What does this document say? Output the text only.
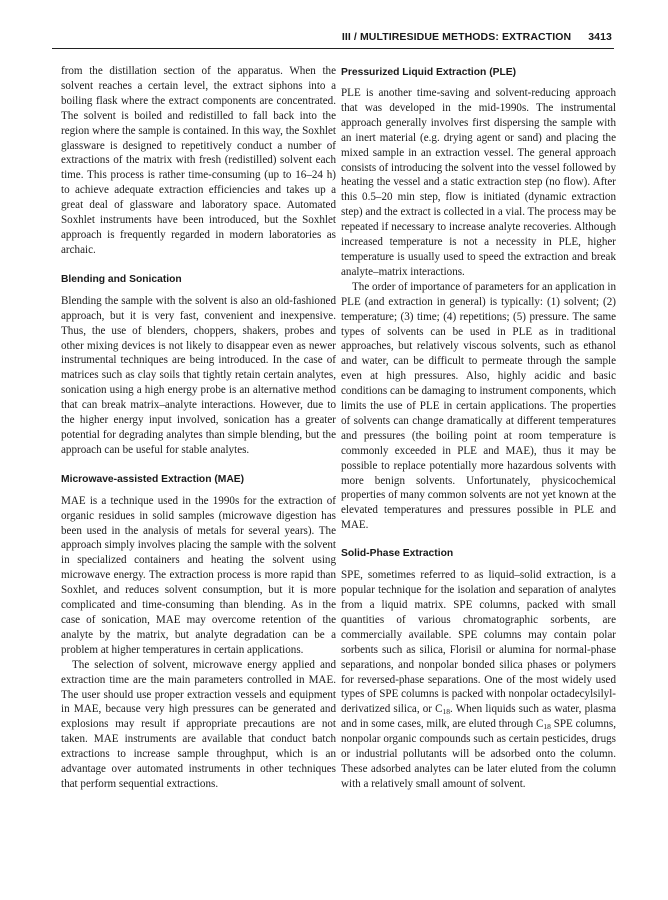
III / MULTIRESIDUE METHODS: EXTRACTION 3413

from the distillation section of the apparatus. When the solvent reaches a certain level, the extract siphons into a boiling flask where the extract components are concentrated. The solvent is boiled and redistilled to fall back into the region where the sample is contained. In this way, the Soxhlet glassware is designed to repetitively conduct a number of extractions of the matrix with fresh (redistilled) solvent each time. This process is rather time-consuming (up to 16–24 h) to achieve adequate extraction efficiencies and takes up a great deal of glassware and laboratory space. Automated Soxhlet instruments have been introduced, but the Soxhlet approach is frequently regarded in modern laboratories as archaic.

Blending and Sonication

Blending the sample with the solvent is also an old-fashioned approach, but it is very fast, convenient and inexpensive. Thus, the use of blenders, choppers, shakers, probes and other mixing devices is not likely to disappear even as newer instrumental techniques are being introduced. In the case of matrices such as clay soils that tightly retain certain analytes, sonication using a high energy probe is an alternative method that can break matrix–analyte interactions. However, due to the higher energy input involved, sonication has a greater potential for degrading analytes than simple blending, but the approach can be useful for stable analytes.

Microwave-assisted Extraction (MAE)

MAE is a technique used in the 1990s for the extraction of organic residues in solid samples (microwave digestion has been used in the analysis of metals for several years). The approach simply involves placing the sample with the solvent in specialized containers and heating the solvent using microwave energy. The extraction process is more rapid than Soxhlet, and reduces solvent consumption, but it is more complicated and time-consuming than blending. As in the case of sonication, MAE may overcome retention of the analyte by the matrix, but analyte degradation can be a problem at higher temperatures in certain applications.

The selection of solvent, microwave energy applied and extraction time are the main parameters controlled in MAE. The user should use proper extraction vessels and equipment in MAE, because very high pressures can be generated and explosions may result if appropriate precautions are not taken. MAE instruments are available that conduct batch extractions to increase sample throughput, which is an advantage over automated instruments in other techniques that perform sequential extractions.

Pressurized Liquid Extraction (PLE)

PLE is another time-saving and solvent-reducing approach that was developed in the mid-1990s. The instrumental approach generally involves first dispersing the sample with an inert material (e.g. drying agent or sand) and placing the mixed sample in an extraction vessel. The general approach consists of introducing the solvent into the vessel followed by heating the vessel and a static extraction step (no flow). After this 0.5–20 min step, flow is initiated (dynamic extraction step) and the extract is collected in a vial. The process may be repeated if necessary to increase analyte recoveries. Although increased temperature is not a necessity in PLE, higher temperature is usually used to speed the extraction and break analyte–matrix interactions.

The order of importance of parameters for an application in PLE (and extraction in general) is typically: (1) solvent; (2) temperature; (3) time; (4) repetitions; (5) pressure. The same types of solvents can be used in PLE as in traditional approaches, but relatively viscous solvents, such as ethanol and water, can be difficult to permeate through the sample even at high pressures. Also, highly acidic and basic conditions can be damaging to instrument components, which limits the use of PLE in certain applications. The properties of solvents can change dramatically at different temperatures and pressures (the boiling point at room temperature is commonly exceeded in PLE and MAE), thus it may be possible to replace potentially more hazardous solvents with more benign solvents. Unfortunately, physicochemical properties of many common solvents are not yet known at the elevated temperatures and pressures possible in PLE and MAE.

Solid-Phase Extraction

SPE, sometimes referred to as liquid–solid extraction, is a popular technique for the isolation and separation of analytes from a liquid matrix. SPE columns, packed with small quantities of various chromatographic sorbents, are commercially available. SPE columns may contain polar sorbents such as silica, Florisil or alumina for normal-phase separations, and nonpolar bonded silica phases or polymers for reversed-phase separations. One of the most widely used types of SPE columns is packed with nonpolar octadecylsilyl-derivatized silica, or $C_{18}$. When liquids such as water, plasma and in some cases, milk, are eluted through $C_{18}$ SPE columns, nonpolar organic compounds such as certain pesticides, drugs or industrial pollutants will be adsorbed onto the column. These adsorbed analytes can be later eluted from the column with a relatively small amount of solvent.
